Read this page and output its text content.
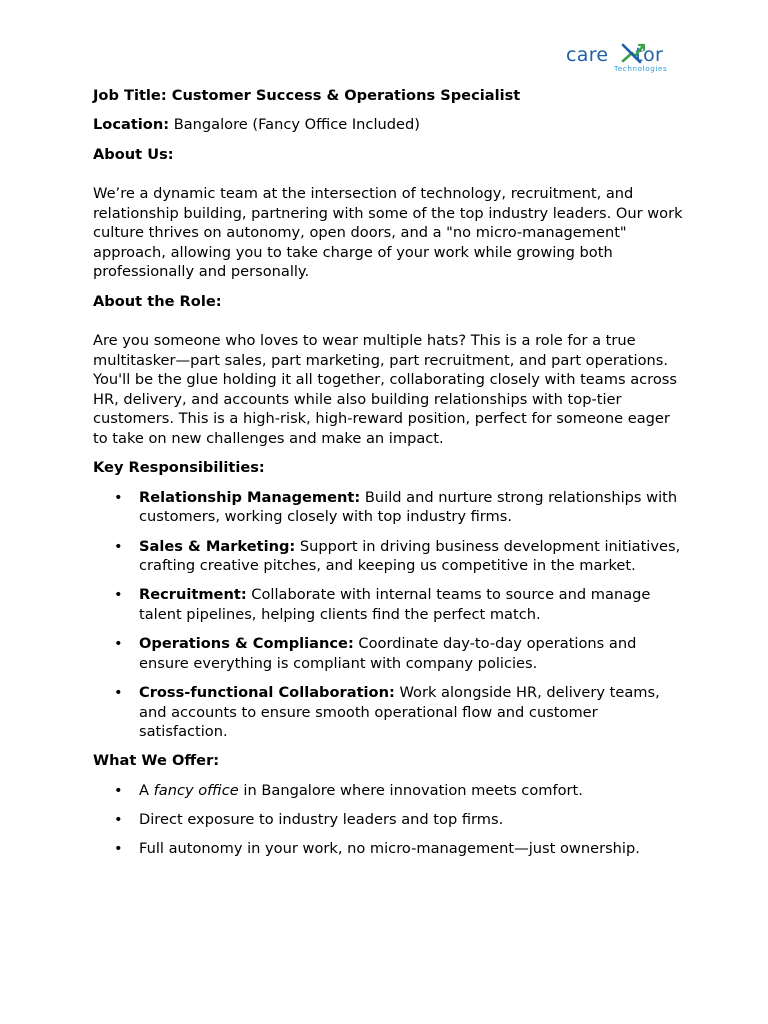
care tor
Technologies

Job Title: Customer Success & Operations Specialist

Location: Bangalore (Fancy Office Included)

About Us:

We’re a dynamic team at the intersection of technology, recruitment, and relationship building, partnering with some of the top industry leaders. Our work culture thrives on autonomy, open doors, and a "no micro-management" approach, allowing you to take charge of your work while growing both professionally and personally.

About the Role:

Are you someone who loves to wear multiple hats? This is a role for a true multitasker—part sales, part marketing, part recruitment, and part operations. You'll be the glue holding it all together, collaborating closely with teams across HR, delivery, and accounts while also building relationships with top-tier customers. This is a high-risk, high-reward position, perfect for someone eager to take on new challenges and make an impact.

Key Responsibilities:

• Relationship Management: Build and nurture strong relationships with customers, working closely with top industry firms.
• Sales & Marketing: Support in driving business development initiatives, crafting creative pitches, and keeping us competitive in the market.
• Recruitment: Collaborate with internal teams to source and manage talent pipelines, helping clients find the perfect match.
• Operations & Compliance: Coordinate day-to-day operations and ensure everything is compliant with company policies.
• Cross-functional Collaboration: Work alongside HR, delivery teams, and accounts to ensure smooth operational flow and customer satisfaction.

What We Offer:

• A fancy office in Bangalore where innovation meets comfort.
• Direct exposure to industry leaders and top firms.
• Full autonomy in your work, no micro-management—just ownership.
